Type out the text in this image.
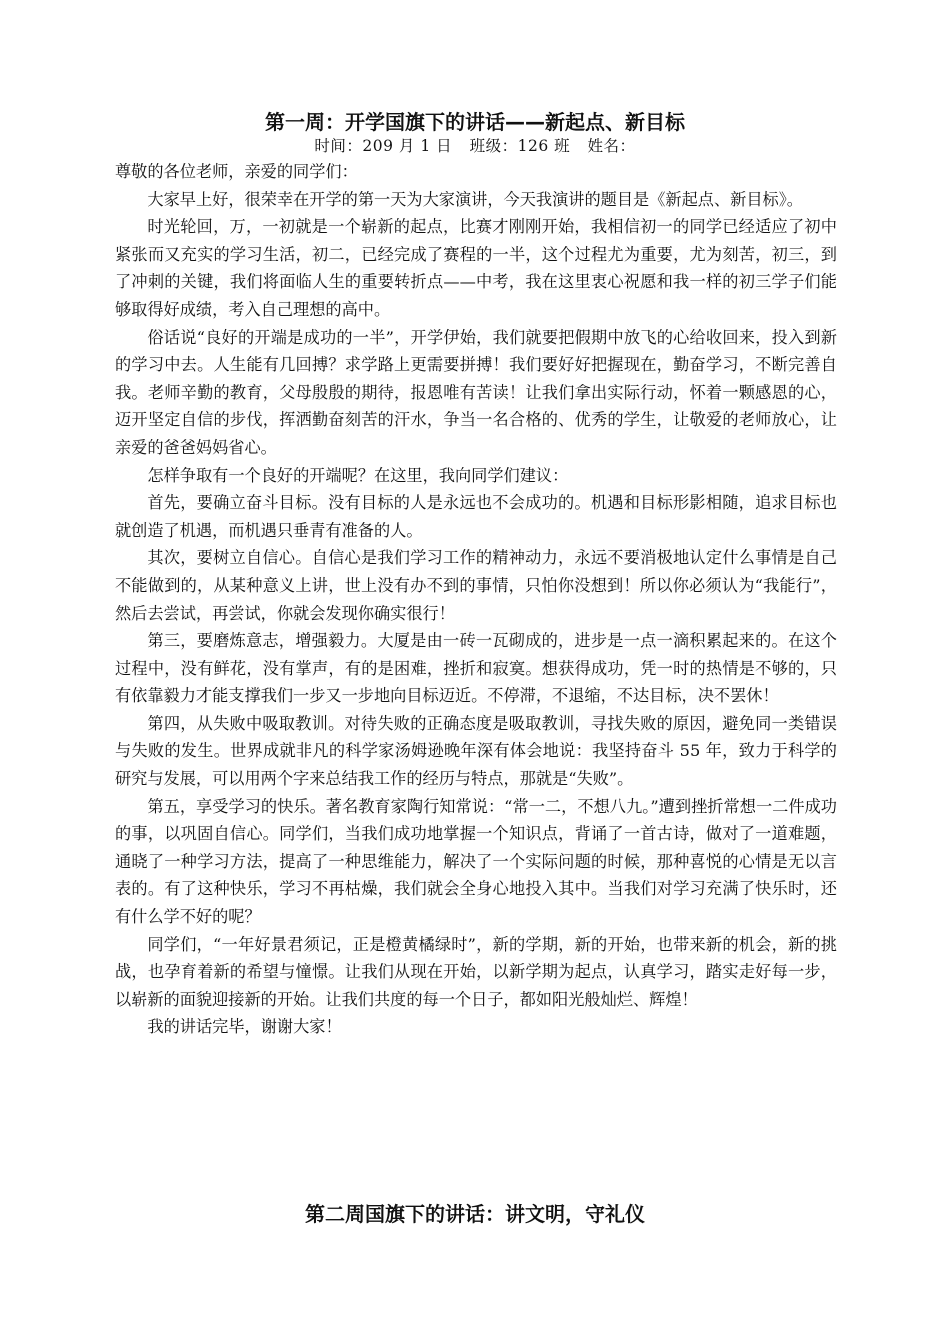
第一周：开学国旗下的讲话——新起点、新目标
时间：209 月 1 日 班级：126 班 姓名：

尊敬的各位老师，亲爱的同学们：

大家早上好，很荣幸在开学的第一天为大家演讲，今天我演讲的题目是《新起点、新目标》。

时光轮回，万，一初就是一个崭新的起点，比赛才刚刚开始，我相信初一的同学已经适应了初中紧张而又充实的学习生活，初二，已经完成了赛程的一半，这个过程尤为重要，尤为刻苦，初三，到了冲刺的关键，我们将面临人生的重要转折点——中考，我在这里衷心祝愿和我一样的初三学子们能够取得好成绩，考入自己理想的高中。

俗话说“良好的开端是成功的一半”，开学伊始，我们就要把假期中放飞的心给收回来，投入到新的学习中去。人生能有几回搏？求学路上更需要拼搏！我们要好好把握现在，勤奋学习，不断完善自我。老师辛勤的教育，父母殷殷的期待，报恩唯有苦读！让我们拿出实际行动，怀着一颗感恩的心，迈开坚定自信的步伐，挥洒勤奋刻苦的汗水，争当一名合格的、优秀的学生，让敬爱的老师放心，让亲爱的爸爸妈妈省心。

怎样争取有一个良好的开端呢？在这里，我向同学们建议：

首先，要确立奋斗目标。没有目标的人是永远也不会成功的。机遇和目标形影相随，追求目标也就创造了机遇，而机遇只垂青有准备的人。

其次，要树立自信心。自信心是我们学习工作的精神动力，永远不要消极地认定什么事情是自己不能做到的，从某种意义上讲，世上没有办不到的事情，只怕你没想到！所以你必须认为“我能行”，然后去尝试，再尝试，你就会发现你确实很行！

第三，要磨炼意志，增强毅力。大厦是由一砖一瓦砌成的，进步是一点一滴积累起来的。在这个过程中，没有鲜花，没有掌声，有的是困难，挫折和寂寞。想获得成功，凭一时的热情是不够的，只有依靠毅力才能支撑我们一步又一步地向目标迈近。不停滞，不退缩，不达目标，决不罢休！

第四，从失败中吸取教训。对待失败的正确态度是吸取教训，寻找失败的原因，避免同一类错误与失败的发生。世界成就非凡的科学家汤姆逊晚年深有体会地说：我坚持奋斗 55 年，致力于科学的研究与发展，可以用两个字来总结我工作的经历与特点，那就是“失败”。

第五，享受学习的快乐。著名教育家陶行知常说：“常一二，不想八九。”遭到挫折常想一二件成功的事，以巩固自信心。同学们，当我们成功地掌握一个知识点，背诵了一首古诗，做对了一道难题，通晓了一种学习方法，提高了一种思维能力，解决了一个实际问题的时候，那种喜悦的心情是无以言表的。有了这种快乐，学习不再枯燥，我们就会全身心地投入其中。当我们对学习充满了快乐时，还有什么学不好的呢？

同学们，“一年好景君须记，正是橙黄橘绿时”，新的学期，新的开始，也带来新的机会，新的挑战，也孕育着新的希望与憧憬。让我们从现在开始，以新学期为起点，认真学习，踏实走好每一步，以崭新的面貌迎接新的开始。让我们共度的每一个日子，都如阳光般灿烂、辉煌！

我的讲话完毕，谢谢大家！

第二周国旗下的讲话：讲文明，守礼仪
